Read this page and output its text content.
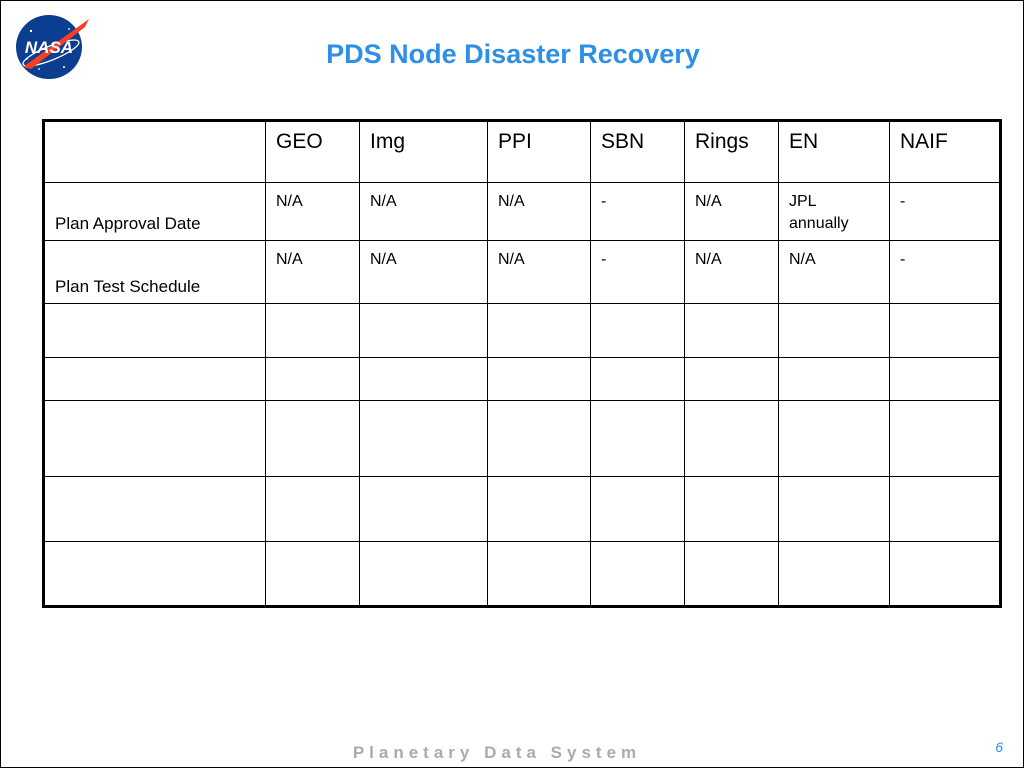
NASA	PDS Node Disaster Recovery

	GEO	Img	PPI	SBN	Rings	EN	NAIF

Plan Approval Date	N/A	N/A	N/A	-	N/A	JPL annually	-

Plan Test Schedule	N/A	N/A	N/A	-	N/A	N/A	-

Planetary Data System	6
